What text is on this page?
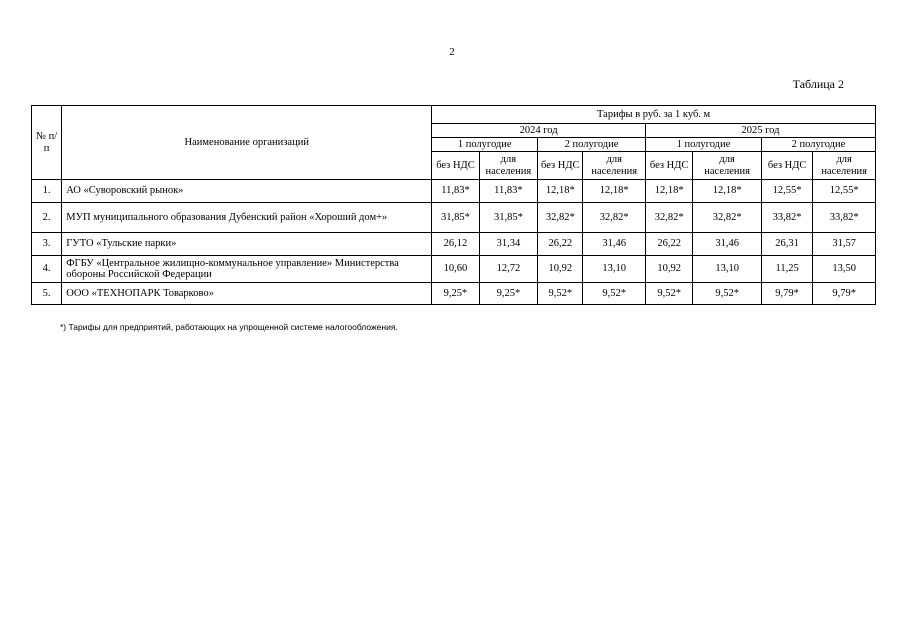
2
Таблица 2
№ п/п	Наименование организаций	Тарифы в руб. за 1 куб. м							
		2024 год				2025 год			
		1 полугодие		2 полугодие		1 полугодие		2 полугодие	
		без НДС	для населения	без НДС	для населения	без НДС	для населения	без НДС	для населения
1.	АО «Суворовский рынок»	11,83*	11,83*	12,18*	12,18*	12,18*	12,18*	12,55*	12,55*
2.	МУП муниципального образования Дубенский район «Хороший дом+»	31,85*	31,85*	32,82*	32,82*	32,82*	32,82*	33,82*	33,82*
3.	ГУТО «Тульские парки»	26,12	31,34	26,22	31,46	26,22	31,46	26,31	31,57
4.	ФГБУ «Центральное жилищно-коммунальное управление» Министерства обороны Российской Федерации	10,60	12,72	10,92	13,10	10,92	13,10	11,25	13,50
5.	ООО «ТЕХНОПАРК Товарково»	9,25*	9,25*	9,52*	9,52*	9,52*	9,52*	9,79*	9,79*
*) Тарифы для предприятий, работающих на упрощенной системе налогообложения.
